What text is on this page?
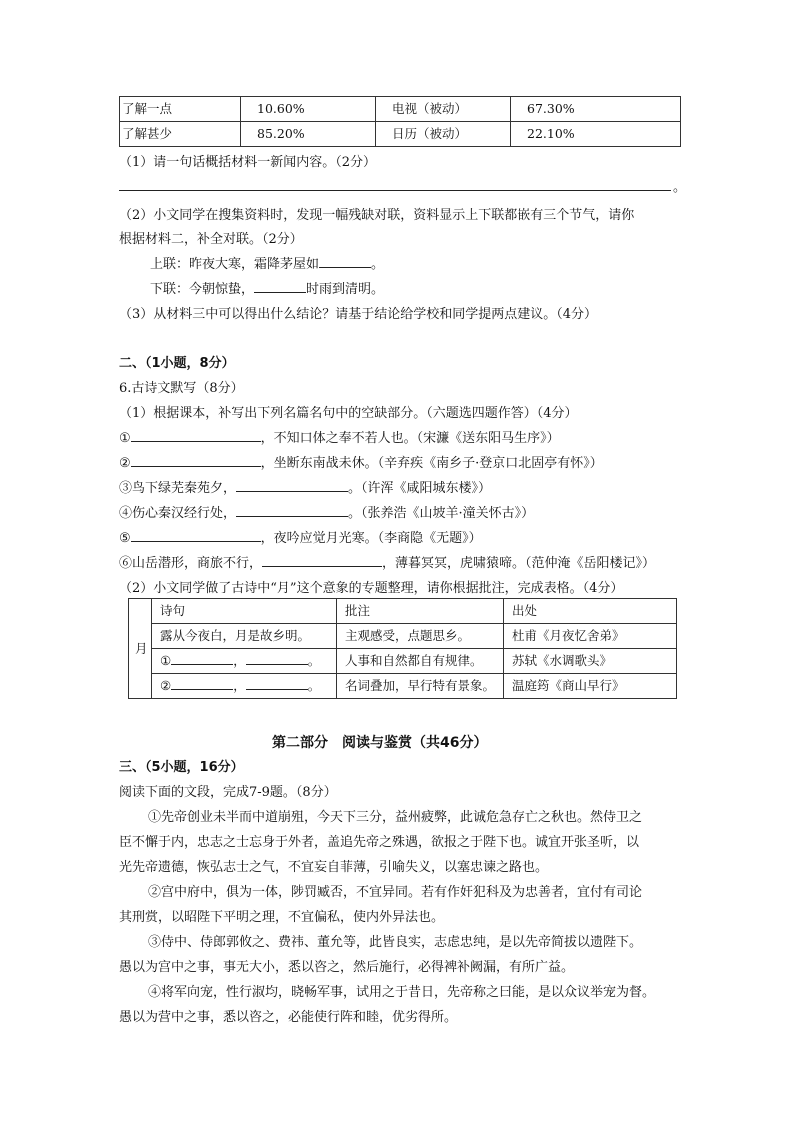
了解一点	10.60%	电视（被动）	67.30%
了解甚少	85.20%	日历（被动）	22.10%
（1）请一句话概括材料一新闻内容。（2分）
。
（2）小文同学在搜集资料时，发现一幅残缺对联，资料显示上下联都嵌有三个节气，请你
根据材料二，补全对联。（2分）
上联：昨夜大寒，霜降茅屋如	。
下联：今朝惊蛰，	时雨到清明。
（3）从材料三中可以得出什么结论？请基于结论给学校和同学提两点建议。（4分）
二、（1小题，8分）
6.古诗文默写（8分）
（1）根据课本，补写出下列名篇名句中的空缺部分。（六题选四题作答）（4分）
①	，不知口体之奉不若人也。（宋濂《送东阳马生序》）
②	，坐断东南战未休。（辛弃疾《南乡子·登京口北固亭有怀》）
③鸟下绿芜秦苑夕，	。（许浑《咸阳城东楼》）
④伤心秦汉经行处，	。（张养浩《山坡羊·潼关怀古》）
⑤	，夜吟应觉月光寒。（李商隐《无题》）
⑥山岳潜形，商旅不行，	，薄暮冥冥，虎啸猿啼。（范仲淹《岳阳楼记》）
（2）小文同学做了古诗中“月”这个意象的专题整理，请你根据批注，完成表格。（4分）
月	诗句	批注	出处
	露从今夜白，月是故乡明。	主观感受，点题思乡。	杜甫《月夜忆舍弟》
	① ， 。	人事和自然都自有规律。	苏轼《水调歌头》
	② ， 。	名词叠加，早行特有景象。	温庭筠《商山早行》
第二部分　阅读与鉴赏（共46分）
三、（5小题，16分）
阅读下面的文段，完成7-9题。（8分）
①先帝创业未半而中道崩殂，今天下三分，益州疲弊，此诚危急存亡之秋也。然侍卫之
臣不懈于内，忠志之士忘身于外者，盖追先帝之殊遇，欲报之于陛下也。诚宜开张圣听，以
光先帝遗德，恢弘志士之气，不宜妄自菲薄，引喻失义，以塞忠谏之路也。
②宫中府中，俱为一体，陟罚臧否，不宜异同。若有作奸犯科及为忠善者，宜付有司论
其刑赏，以昭陛下平明之理，不宜偏私，使内外异法也。
③侍中、侍郎郭攸之、费祎、董允等，此皆良实，志虑忠纯，是以先帝简拔以遗陛下。
愚以为宫中之事，事无大小，悉以咨之，然后施行，必得裨补阙漏，有所广益。
④将军向宠，性行淑均，晓畅军事，试用之于昔日，先帝称之曰能，是以众议举宠为督。
愚以为营中之事，悉以咨之，必能使行阵和睦，优劣得所。
